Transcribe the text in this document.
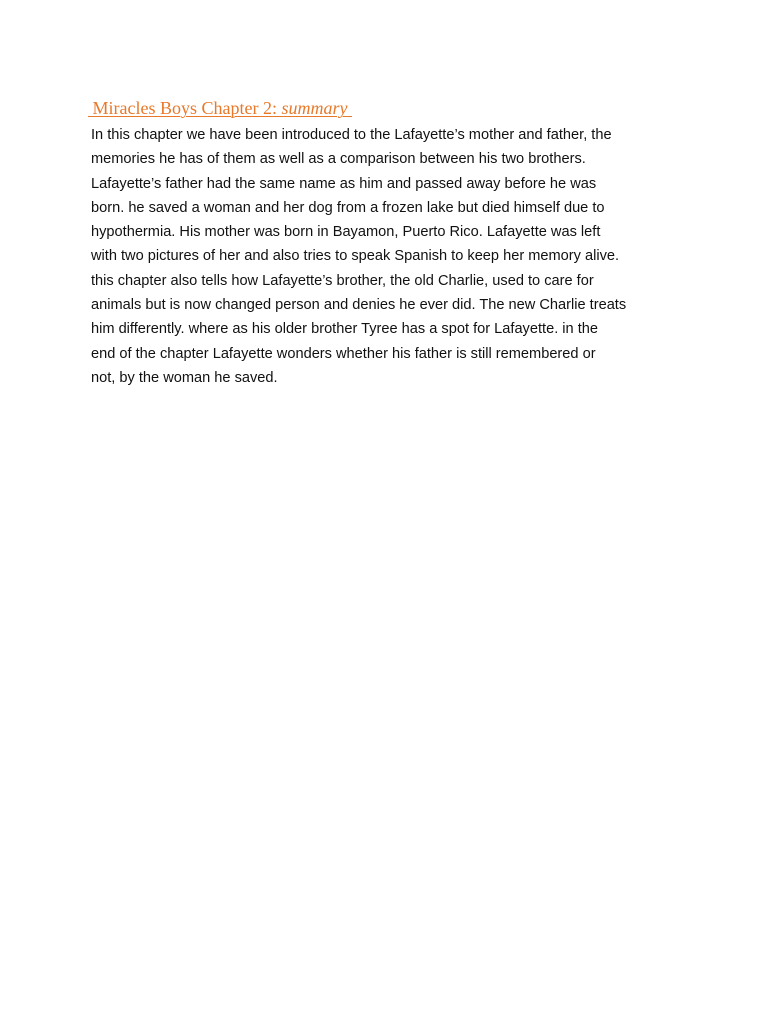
Miracles Boys Chapter 2: summary

In this chapter we have been introduced to the Lafayette’s mother and father, the
memories he has of them as well as a comparison between his two brothers.
Lafayette’s father had the same name as him and passed away before he was
born. he saved a woman and her dog from a frozen lake but died himself due to
hypothermia. His mother was born in Bayamon, Puerto Rico. Lafayette was left
with two pictures of her and also tries to speak Spanish to keep her memory alive.
this chapter also tells how Lafayette’s brother, the old Charlie, used to care for
animals but is now changed person and denies he ever did. The new Charlie treats
him differently. where as his older brother Tyree has a spot for Lafayette. in the
end of the chapter Lafayette wonders whether his father is still remembered or
not, by the woman he saved.
